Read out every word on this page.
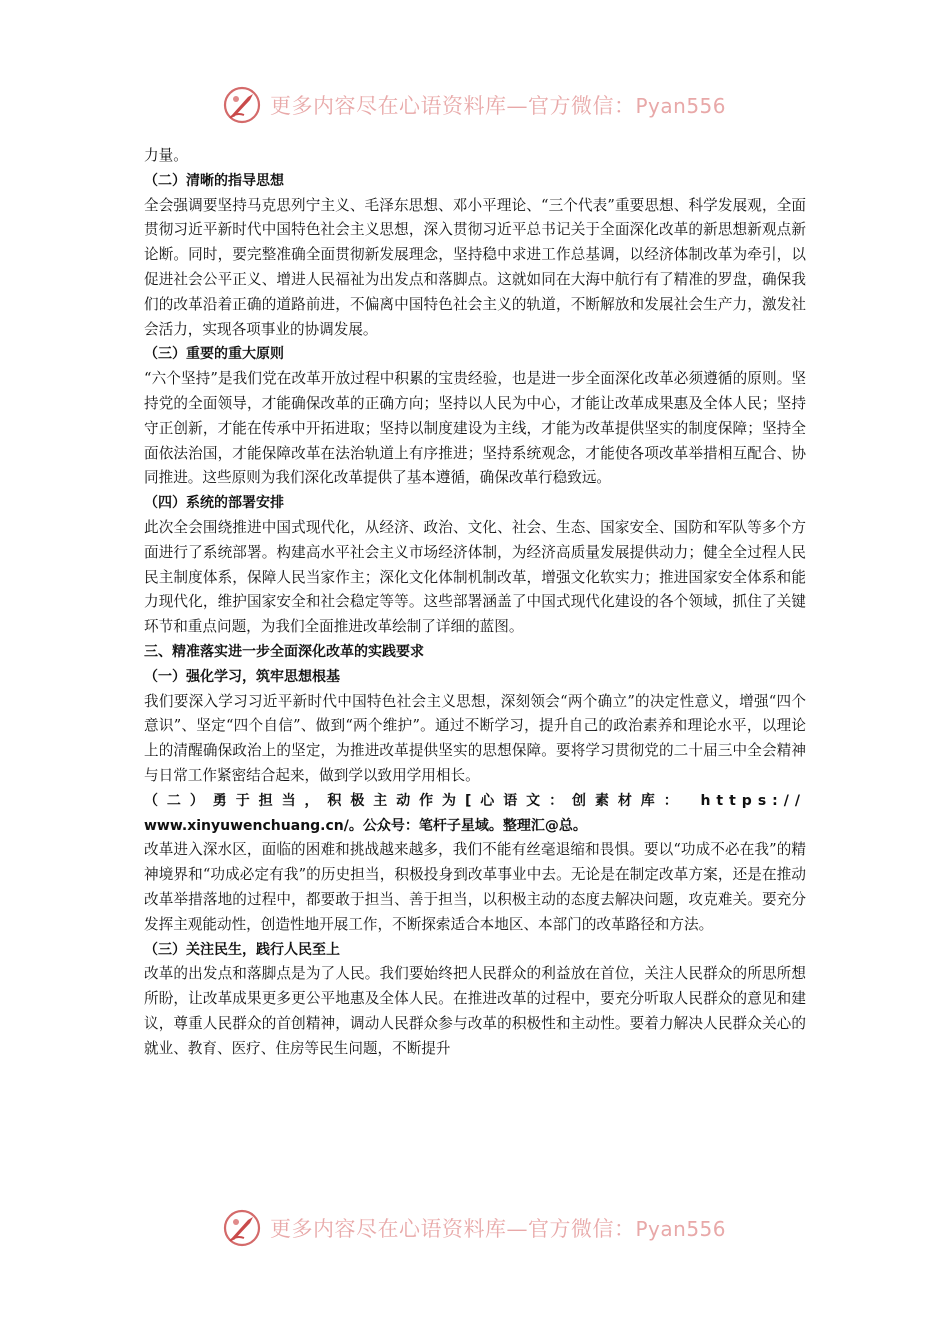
更多内容尽在心语资料库—官方微信：Pyan556

力量。

（二）清晰的指导思想

全会强调要坚持马克思列宁主义、毛泽东思想、邓小平理论、“三个代表”重要思想、科学发展观，全面贯彻习近平新时代中国特色社会主义思想，深入贯彻习近平总书记关于全面深化改革的新思想新观点新论断。同时，要完整准确全面贯彻新发展理念，坚持稳中求进工作总基调，以经济体制改革为牵引，以促进社会公平正义、增进人民福祉为出发点和落脚点。这就如同在大海中航行有了精准的罗盘，确保我们的改革沿着正确的道路前进，不偏离中国特色社会主义的轨道，不断解放和发展社会生产力，激发社会活力，实现各项事业的协调发展。

（三）重要的重大原则

“六个坚持”是我们党在改革开放过程中积累的宝贵经验，也是进一步全面深化改革必须遵循的原则。坚持党的全面领导，才能确保改革的正确方向；坚持以人民为中心，才能让改革成果惠及全体人民；坚持守正创新，才能在传承中开拓进取；坚持以制度建设为主线，才能为改革提供坚实的制度保障；坚持全面依法治国，才能保障改革在法治轨道上有序推进；坚持系统观念，才能使各项改革举措相互配合、协同推进。这些原则为我们深化改革提供了基本遵循，确保改革行稳致远。

（四）系统的部署安排

此次全会围绕推进中国式现代化，从经济、政治、文化、社会、生态、国家安全、国防和军队等多个方面进行了系统部署。构建高水平社会主义市场经济体制，为经济高质量发展提供动力；健全全过程人民民主制度体系，保障人民当家作主；深化文化体制机制改革，增强文化软实力；推进国家安全体系和能力现代化，维护国家安全和社会稳定等等。这些部署涵盖了中国式现代化建设的各个领域，抓住了关键环节和重点问题，为我们全面推进改革绘制了详细的蓝图。

三、精准落实进一步全面深化改革的实践要求
（一）强化学习，筑牢思想根基

我们要深入学习习近平新时代中国特色社会主义思想，深刻领会“两个确立”的决定性意义，增强“四个意识”、坚定“四个自信”、做到“两个维护”。通过不断学习，提升自己的政治素养和理论水平，以理论上的清醒确保政治上的坚定，为推进改革提供坚实的思想保障。要将学习贯彻党的二十届三中全会精神与日常工作紧密结合起来，做到学以致用学用相长。

（二）勇于担当，积极主动作为[心语文：创素材库： https://
www.xinyuwenchuang.cn/。公众号：笔杆子星域。整理汇@总。

改革进入深水区，面临的困难和挑战越来越多，我们不能有丝毫退缩和畏惧。要以“功成不必在我”的精神境界和“功成必定有我”的历史担当，积极投身到改革事业中去。无论是在制定改革方案，还是在推动改革举措落地的过程中，都要敢于担当、善于担当，以积极主动的态度去解决问题，攻克难关。要充分发挥主观能动性，创造性地开展工作，不断探索适合本地区、本部门的改革路径和方法。

（三）关注民生，践行人民至上

改革的出发点和落脚点是为了人民。我们要始终把人民群众的利益放在首位，关注人民群众的所思所想所盼，让改革成果更多更公平地惠及全体人民。在推进改革的过程中，要充分听取人民群众的意见和建议，尊重人民群众的首创精神，调动人民群众参与改革的积极性和主动性。要着力解决人民群众关心的就业、教育、医疗、住房等民生问题，不断提升

更多内容尽在心语资料库—官方微信：Pyan556
